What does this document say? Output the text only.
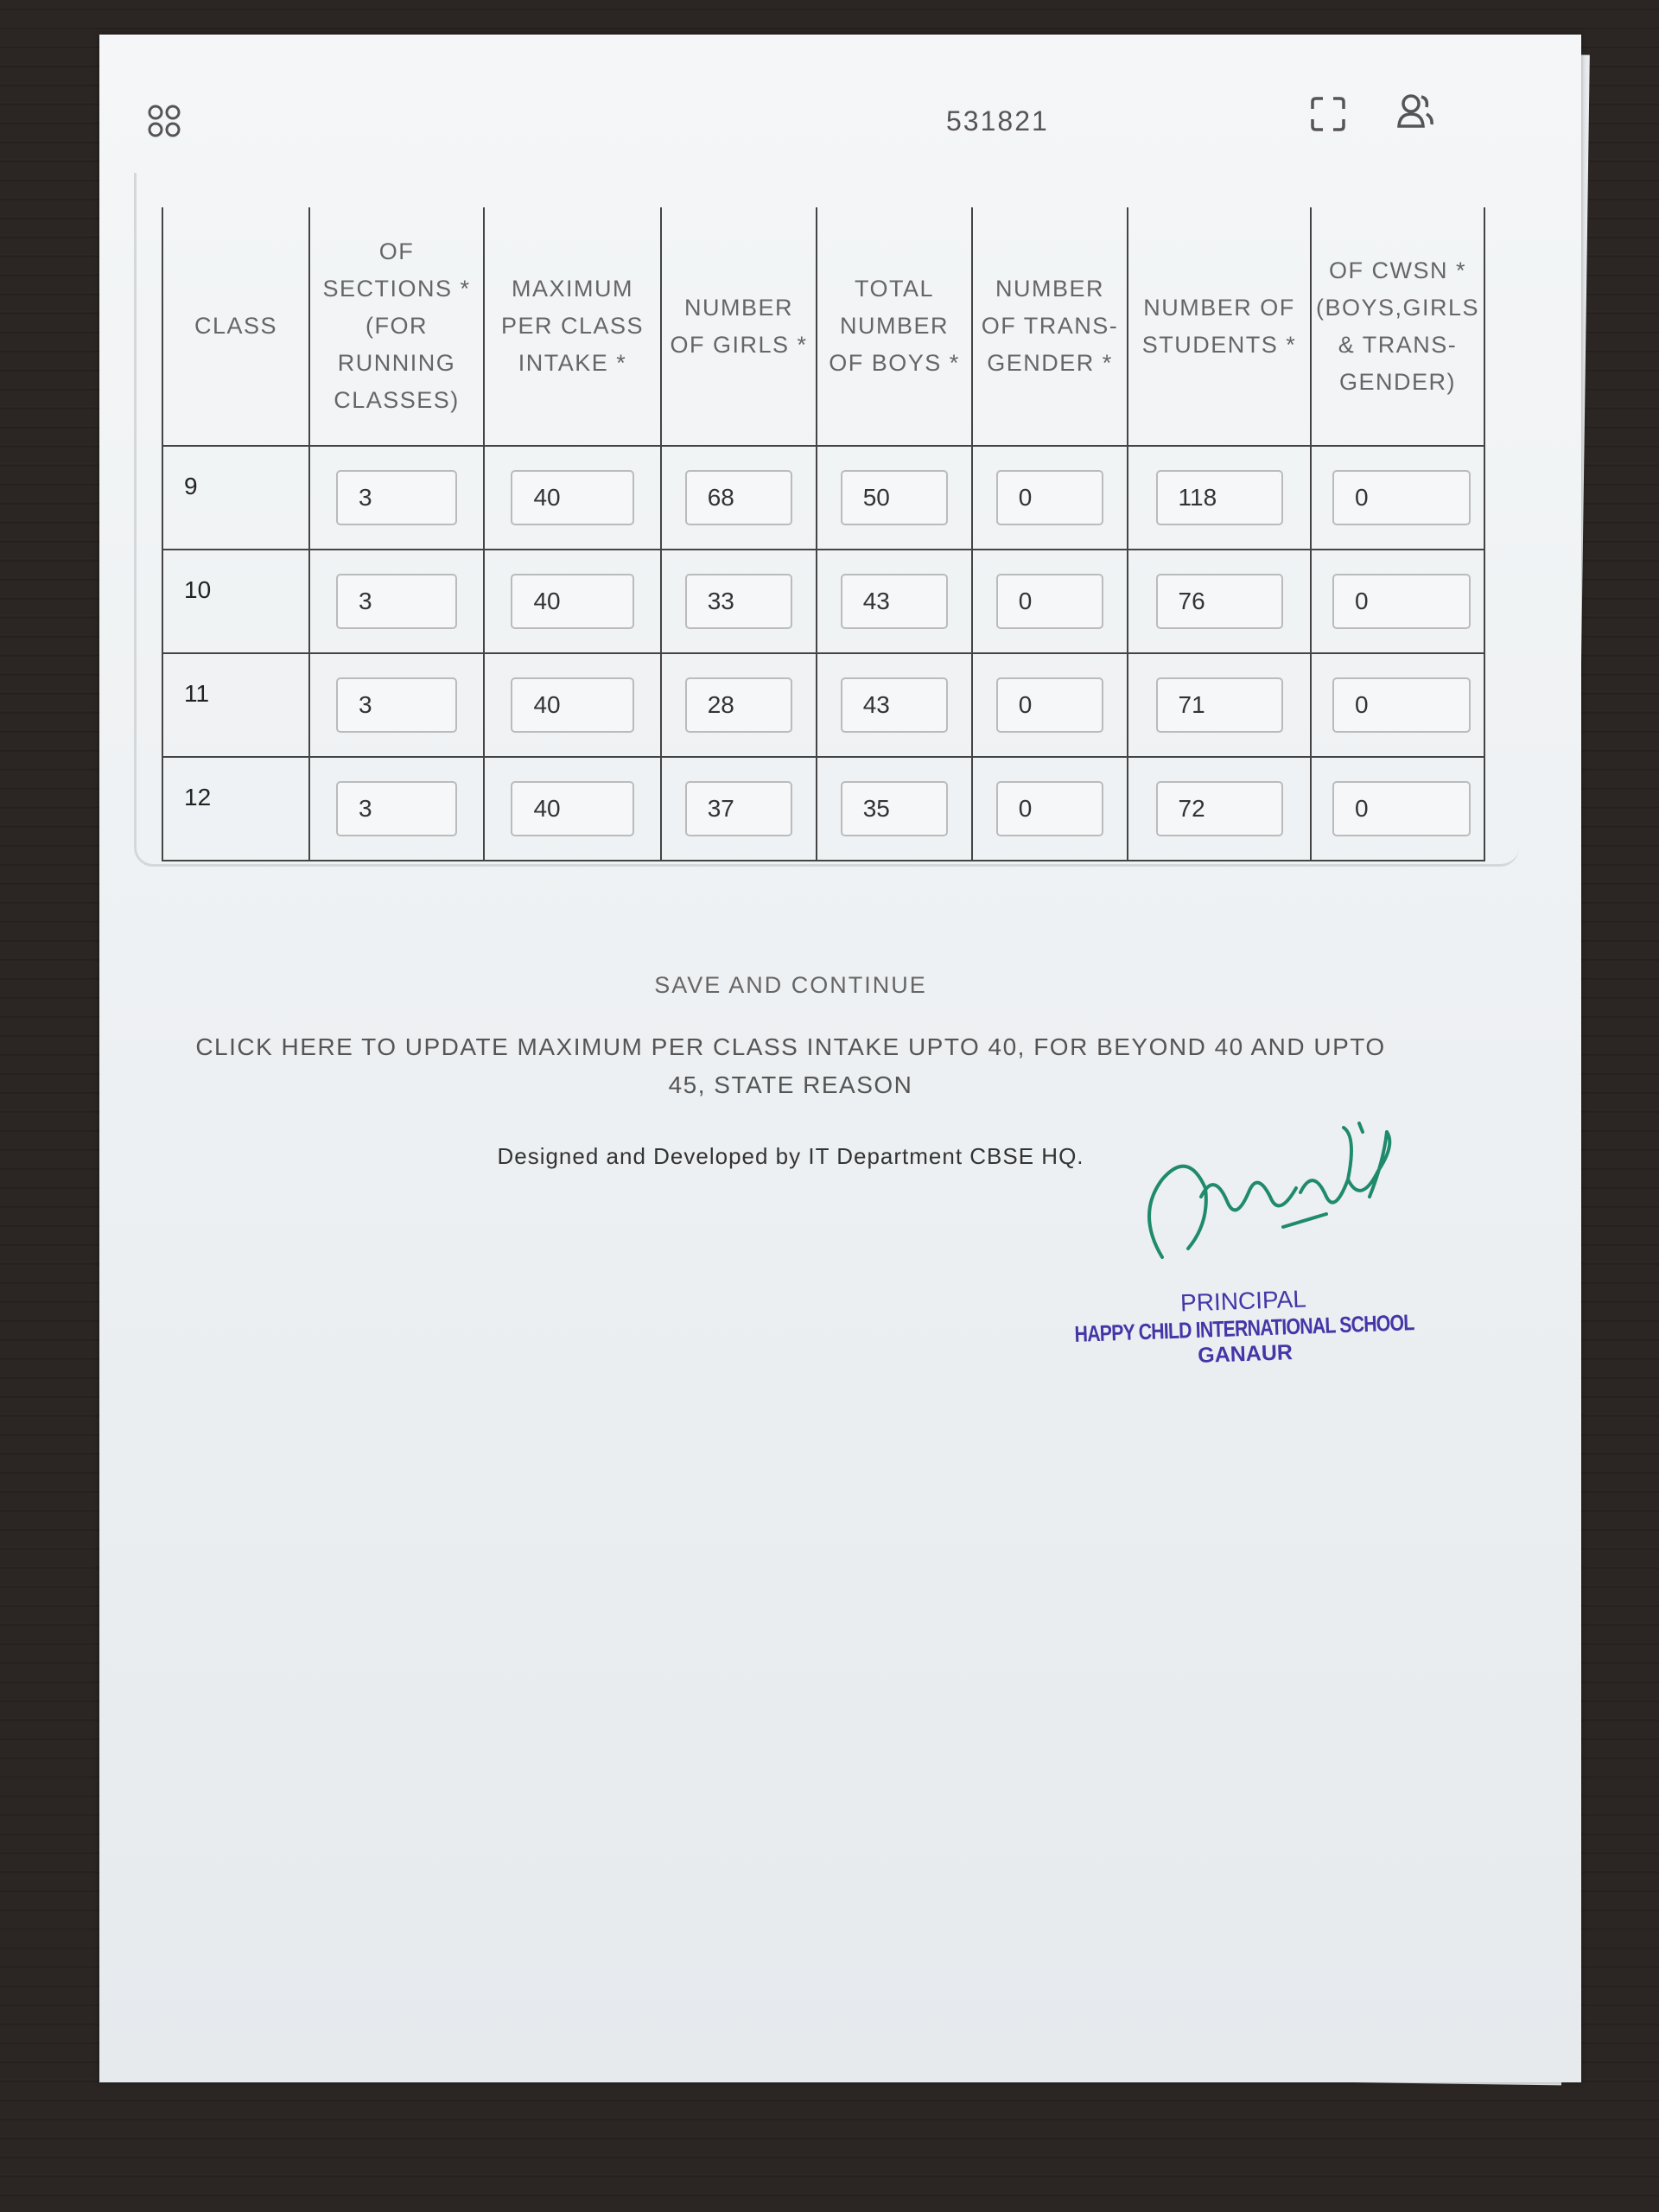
531821
CLASS	OF SECTIONS * (FOR RUNNING CLASSES)	MAXIMUM PER CLASS INTAKE *	NUMBER OF GIRLS *	TOTAL NUMBER OF BOYS *	NUMBER OF TRANS-GENDER *	NUMBER OF STUDENTS *	OF CWSN * (BOYS,GIRLS & TRANS-GENDER)

9	3	40	68	50	0	118	0

10	3	40	33	43	0	76	0

11	3	40	28	43	0	71	0

12	3	40	37	35	0	72	0
SAVE AND CONTINUE
CLICK HERE TO UPDATE MAXIMUM PER CLASS INTAKE UPTO 40, FOR BEYOND 40 AND UPTO 45, STATE REASON
Designed and Developed by IT Department CBSE HQ.
PRINCIPAL
HAPPY CHILD INTERNATIONAL SCHOOL
GANAUR
